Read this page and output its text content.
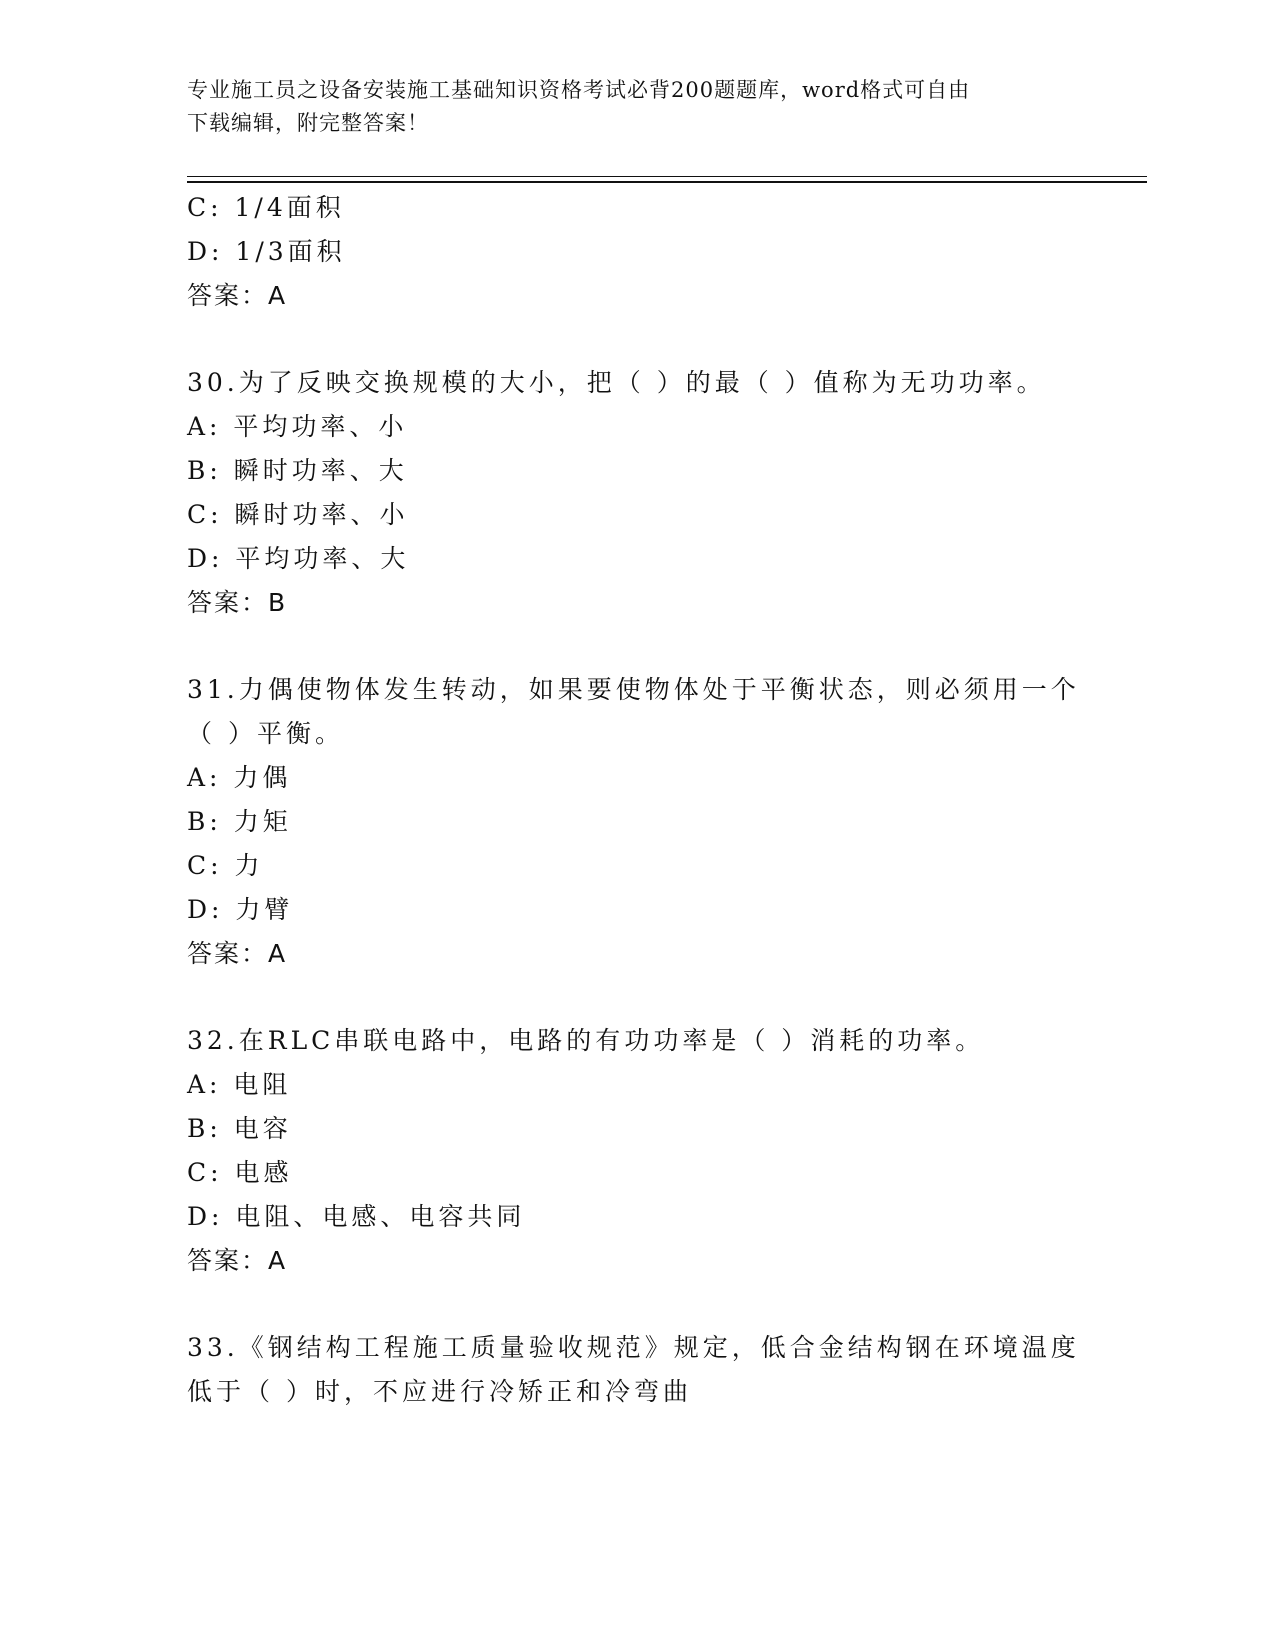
专业施工员之设备安装施工基础知识资格考试必背200题题库，word格式可自由
下载编辑，附完整答案！
C: 1/4面积
D: 1/3面积
答案：A
30.为了反映交换规模的大小，把（ ）的最（ ）值称为无功功率。
A: 平均功率、小
B: 瞬时功率、大
C: 瞬时功率、小
D: 平均功率、大
答案：B
31.力偶使物体发生转动，如果要使物体处于平衡状态，则必须用一个
（ ）平衡。
A: 力偶
B: 力矩
C: 力
D: 力臂
答案：A
32.在RLC串联电路中，电路的有功功率是（ ）消耗的功率。
A: 电阻
B: 电容
C: 电感
D: 电阻、电感、电容共同
答案：A
33.《钢结构工程施工质量验收规范》规定，低合金结构钢在环境温度
低于（ ）时，不应进行冷矫正和冷弯曲
